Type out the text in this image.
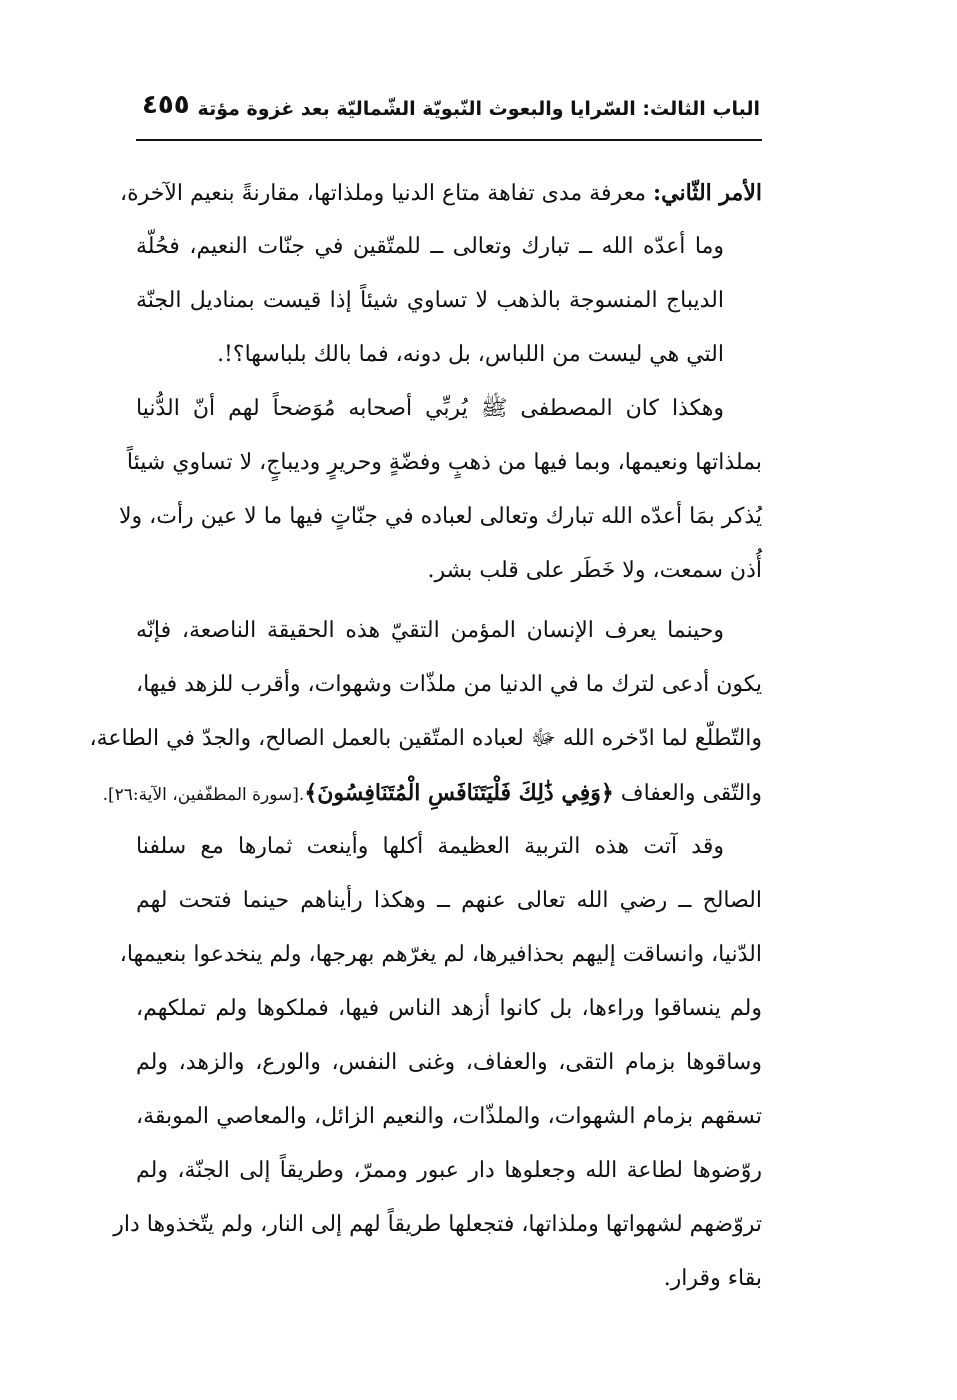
الباب الثالث: السّرايا والبعوث النّبويّة الشّماليّة بعد غزوة مؤتة
٤٥٥
الأمر الثّاني: معرفة مدى تفاهة متاع الدنيا وملذاتها، مقارنةً بنعيم الآخرة،
وما أعدّه الله ــ تبارك وتعالى ــ للمتّقين في جنّات النعيم، فحُلّة
الديباج المنسوجة بالذهب لا تساوي شيئاً إذا قيست بمناديل الجنّة
التي هي ليست من اللباس، بل دونه، فما بالك بلباسها؟!.
وهكذا كان المصطفى ﷺ يُربِّي أصحابه مُوَضحاً لهم أنّ الدُّنيا
بملذاتها ونعيمها، وبما فيها من ذهبٍ وفضّةٍ وحريرٍ وديباجٍ، لا تساوي شيئاً
يُذكر بمَا أعدّه الله تبارك وتعالى لعباده في جنّاتٍ فيها ما لا عين رأت، ولا
أُذن سمعت، ولا خَطَر على قلب بشر.
وحينما يعرف الإنسان المؤمن التقيّ هذه الحقيقة الناصعة، فإنّه
يكون أدعى لترك ما في الدنيا من ملذّات وشهوات، وأقرب للزهد فيها،
والتّطلّع لما ادّخره الله ﷻ لعباده المتّقين بالعمل الصالح، والجدّ في الطاعة،
والتّقى والعفاف ﴿وَفِي ذَٰلِكَ فَلْيَتَنَافَسِ الْمُتَنَافِسُونَ﴾.[سورة المطفّفين، الآية:٢٦].
وقد آتت هذه التربية العظيمة أكلها وأينعت ثمارها مع سلفنا
الصالح ــ رضي الله تعالى عنهم ــ وهكذا رأيناهم حينما فتحت لهم
الدّنيا، وانساقت إليهم بحذافيرها، لم يغرّهم بهرجها، ولم ينخدعوا بنعيمها،
ولم ينساقوا وراءها، بل كانوا أزهد الناس فيها، فملكوها ولم تملكهم،
وساقوها بزمام التقى، والعفاف، وغنى النفس، والورع، والزهد، ولم
تسقهم بزمام الشهوات، والملذّات، والنعيم الزائل، والمعاصي الموبقة،
روّضوها لطاعة الله وجعلوها دار عبور وممرّ، وطريقاً إلى الجنّة، ولم
تروّضهم لشهواتها وملذاتها، فتجعلها طريقاً لهم إلى النار، ولم يتّخذوها دار
بقاء وقرار.
